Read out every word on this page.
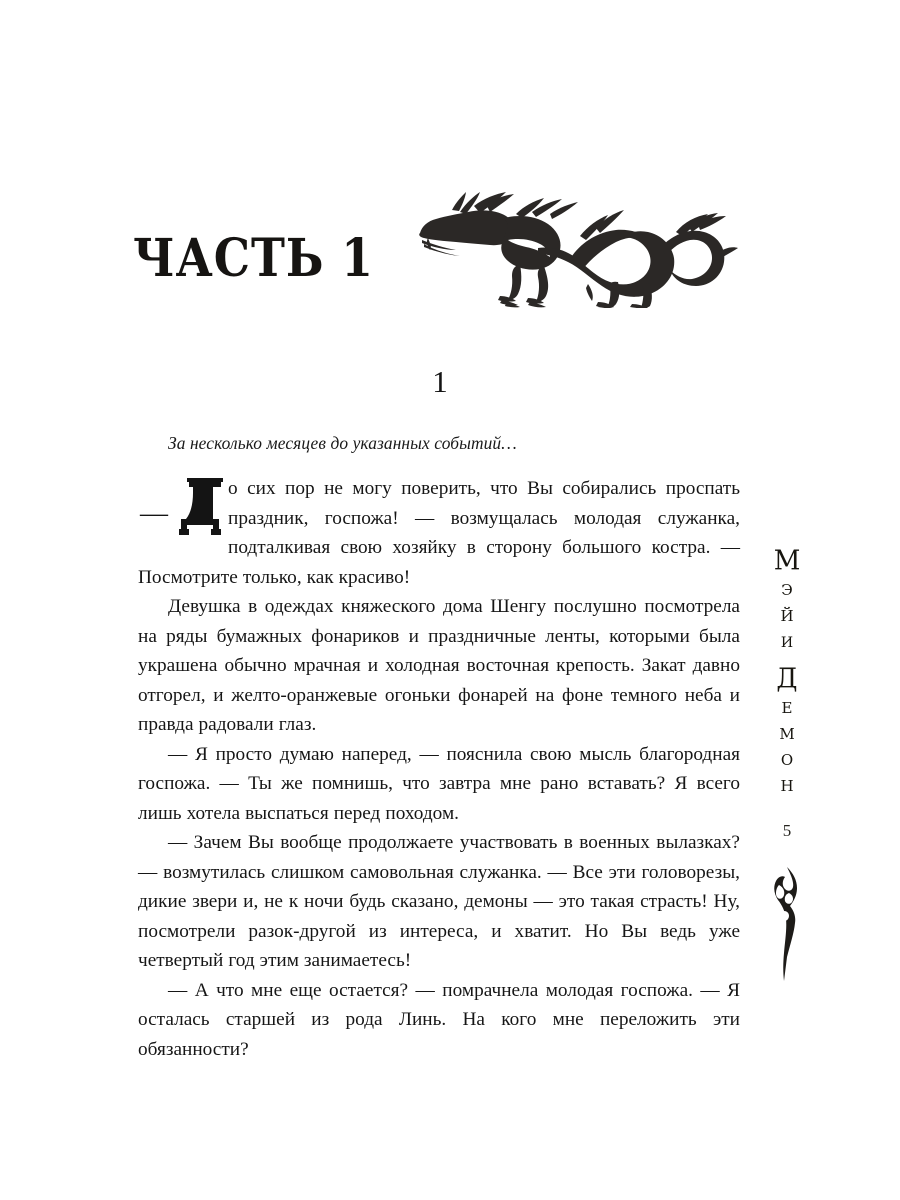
ЧАСТЬ 1
1

За несколько месяцев до указанных событий…

—
о сих пор не могу поверить, что Вы собирались проспать праздник, госпожа! — возмущалась молодая служанка, подталкивая свою хозяйку в сторону большого костра. — Посмотрите только, как красиво!

Девушка в одеждах княжеского дома Шенгу послушно посмотрела на ряды бумажных фонариков и праздничные ленты, которыми была украшена обычно мрачная и холодная восточная крепость. Закат давно отгорел, и желто-оранжевые огоньки фонарей на фоне темного неба и правда радовали глаз.

— Я просто думаю наперед, — пояснила свою мысль благородная госпожа. — Ты же помнишь, что завтра мне рано вставать? Я всего лишь хотела выспаться перед походом.

— Зачем Вы вообще продолжаете участвовать в военных вылазках? — возмутилась слишком самовольная служанка. — Все эти головорезы, дикие звери и, не к ночи будь сказано, демоны — это такая страсть! Ну, посмотрели разок-другой из интереса, и хватит. Но Вы ведь уже четвертый год этим занимаетесь!

— А что мне еще остается? — помрачнела молодая госпожа. — Я осталась старшей из рода Линь. На кого мне переложить эти обязанности?

М
Э
Й
И
Д
Е
М
О
Н
5
